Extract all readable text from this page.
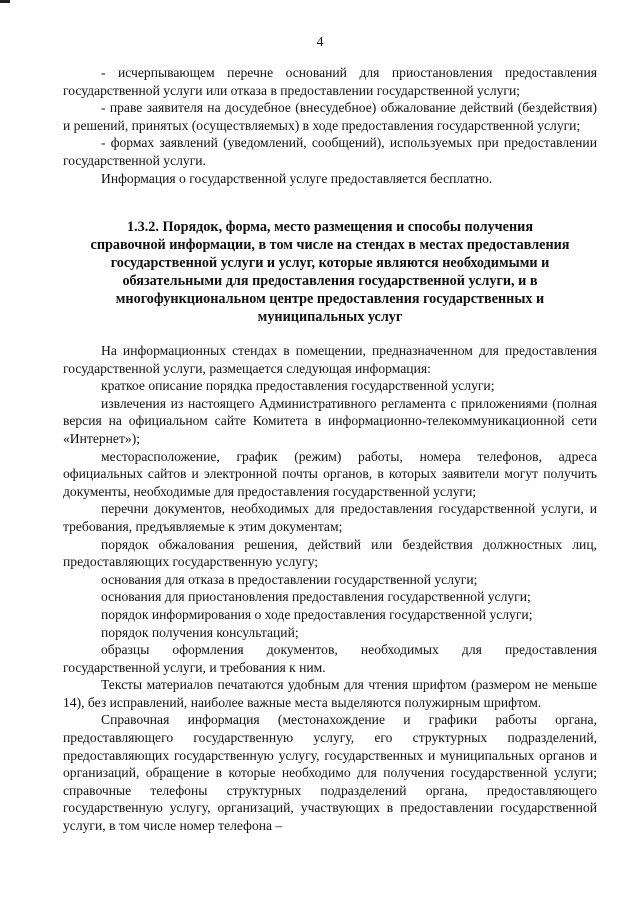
4

- исчерпывающем перечне оснований для приостановления предоставления государственной услуги или отказа в предоставлении государственной услуги;

- праве заявителя на досудебное (внесудебное) обжалование действий (бездействия) и решений, принятых (осуществляемых) в ходе предоставления государственной услуги;

- формах заявлений (уведомлений, сообщений), используемых при предоставлении государственной услуги.

Информация о государственной услуге предоставляется бесплатно.

1.3.2. Порядок, форма, место размещения и способы получения
справочной информации, в том числе на стендах в местах предоставления
государственной услуги и услуг, которые являются необходимыми и
обязательными для предоставления государственной услуги, и в
многофункциональном центре предоставления государственных и
муниципальных услуг

На информационных стендах в помещении, предназначенном для предоставления государственной услуги, размещается следующая информация:

краткое описание порядка предоставления государственной услуги;

извлечения из настоящего Административного регламента с приложениями (полная версия на официальном сайте Комитета в информационно-телекоммуникационной сети «Интернет»);

месторасположение, график (режим) работы, номера телефонов, адреса официальных сайтов и электронной почты органов, в которых заявители могут получить документы, необходимые для предоставления государственной услуги;

перечни документов, необходимых для предоставления государственной услуги, и требования, предъявляемые к этим документам;

порядок обжалования решения, действий или бездействия должностных лиц, предоставляющих государственную услугу;

основания для отказа в предоставлении государственной услуги;

основания для приостановления предоставления государственной услуги;

порядок информирования о ходе предоставления государственной услуги;

порядок получения консультаций;

образцы оформления документов, необходимых для предоставления государственной услуги, и требования к ним.

Тексты материалов печатаются удобным для чтения шрифтом (размером не меньше 14), без исправлений, наиболее важные места выделяются полужирным шрифтом.

Справочная информация (местонахождение и графики работы органа, предоставляющего государственную услугу, его структурных подразделений, предоставляющих государственную услугу, государственных и муниципальных органов и организаций, обращение в которые необходимо для получения государственной услуги; справочные телефоны структурных подразделений органа, предоставляющего государственную услугу, организаций, участвующих в предоставлении государственной услуги, в том числе номер телефона –
